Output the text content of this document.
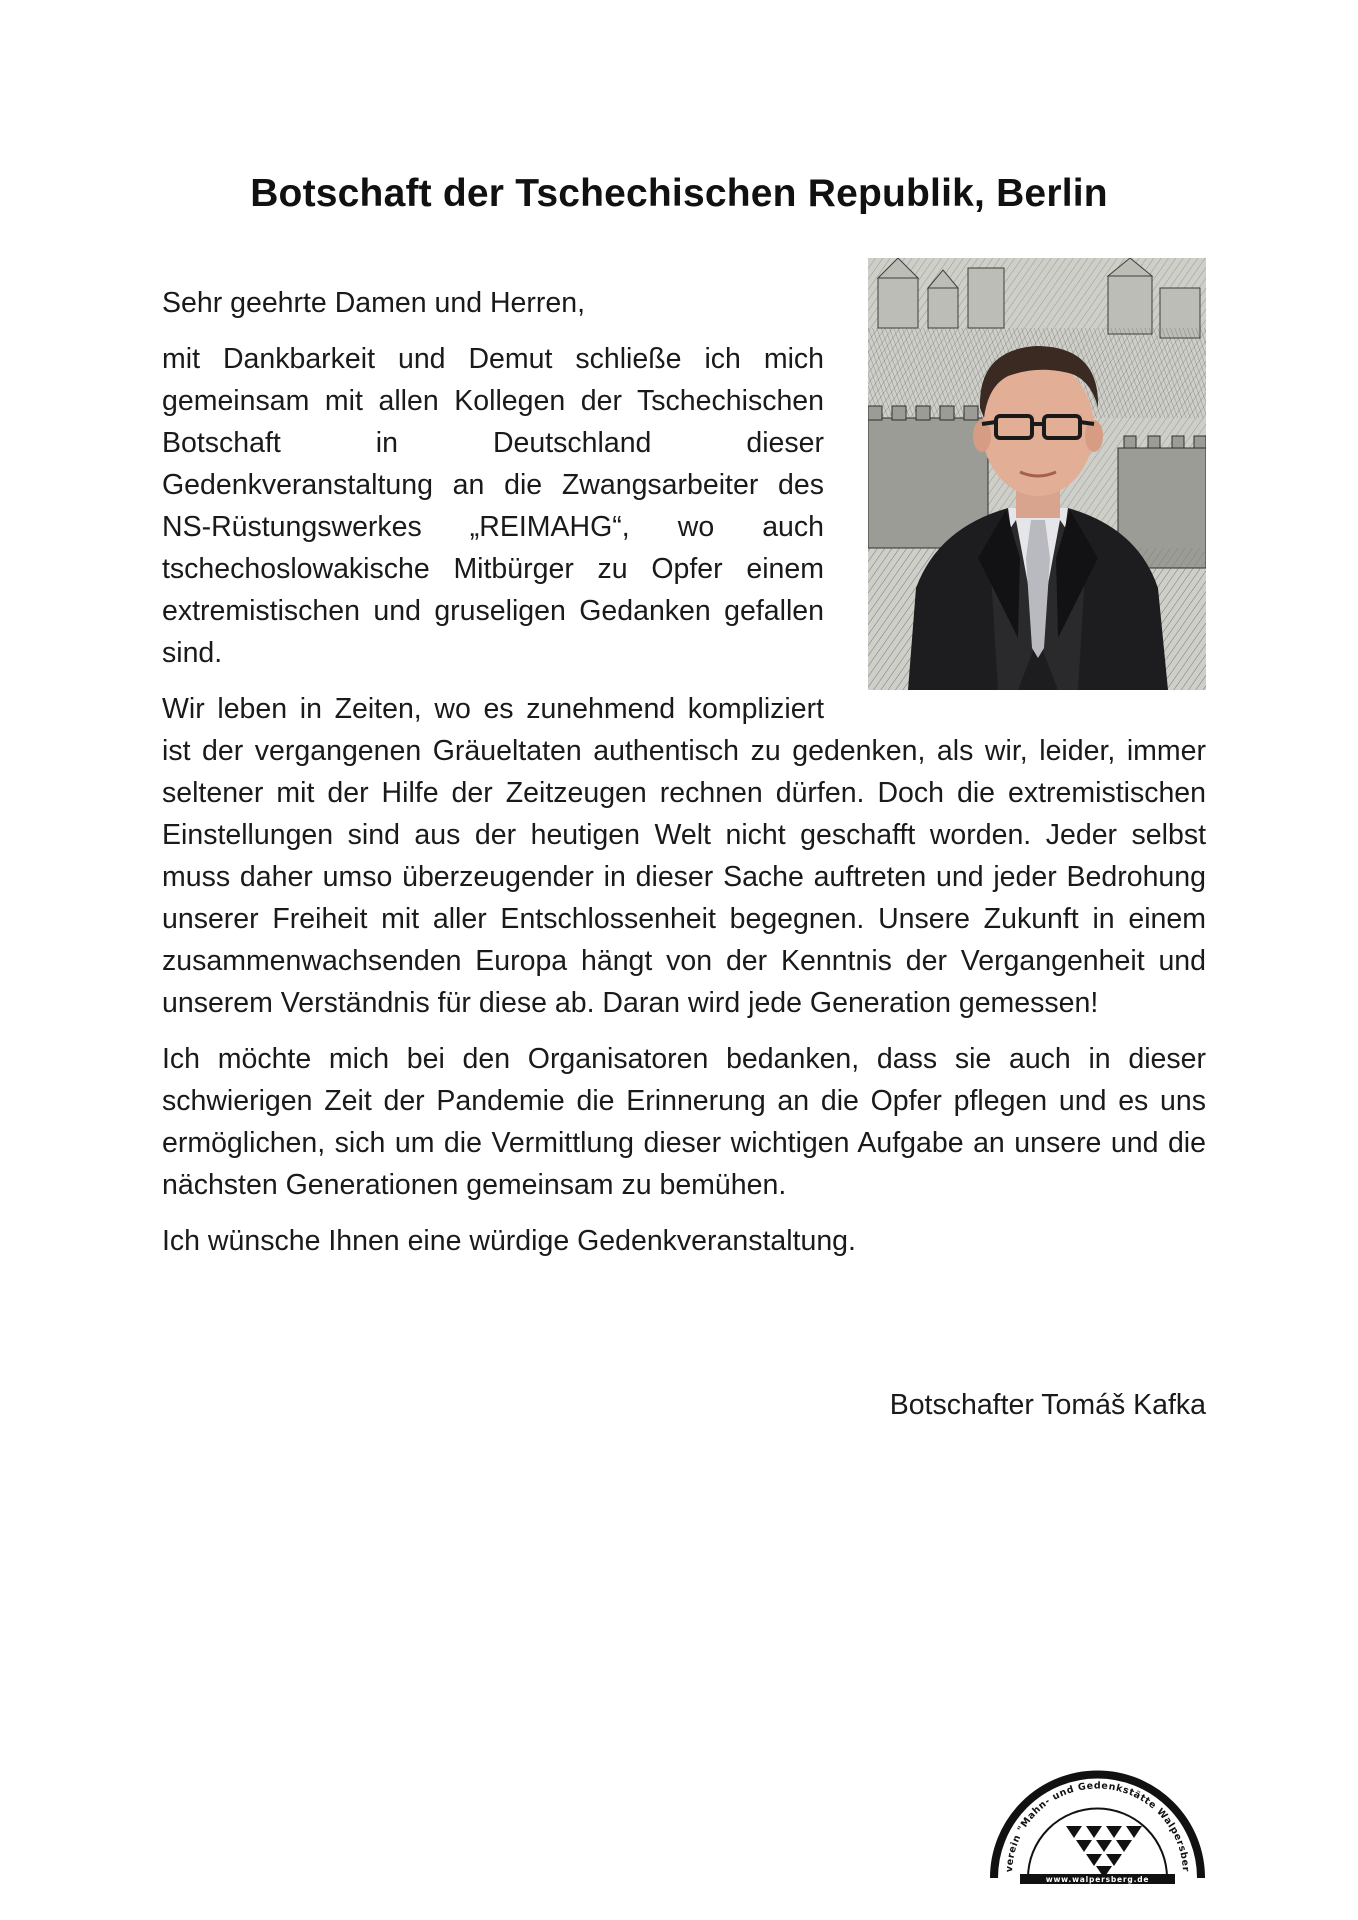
Botschaft der Tschechischen Republik, Berlin

Sehr geehrte Damen und Herren,

mit Dankbarkeit und Demut schließe ich mich gemeinsam mit allen Kollegen der Tschechischen Botschaft in Deutschland dieser Gedenkveranstaltung an die Zwangsarbeiter des NS-Rüstungswerkes „REIMAHG“, wo auch tschechoslowakische Mitbürger zu Opfer einem extremistischen und gruseligen Gedanken gefallen sind.

Wir leben in Zeiten, wo es zunehmend kompliziert ist der vergangenen Gräueltaten authentisch zu gedenken, als wir, leider, immer seltener mit der Hilfe der Zeitzeugen rechnen dürfen. Doch die extremistischen Einstellungen sind aus der heutigen Welt nicht geschafft worden. Jeder selbst muss daher umso überzeugender in dieser Sache auftreten und jeder Bedrohung unserer Freiheit mit aller Entschlossenheit begegnen. Unsere Zukunft in einem zusammenwachsenden Europa hängt von der Kenntnis der Vergangenheit und unserem Verständnis für diese ab. Daran wird jede Generation gemessen!

Ich möchte mich bei den Organisatoren bedanken, dass sie auch in dieser schwierigen Zeit der Pandemie die Erinnerung an die Opfer pflegen und es uns ermöglichen, sich um die Vermittlung dieser wichtigen Aufgabe an unsere und die nächsten Generationen gemeinsam zu bemühen.

Ich wünsche Ihnen eine würdige Gedenkveranstaltung.

Botschafter Tomáš Kafka
verein "Mahn- und Gedenkstätte Walpersber
www.walpersberg.de
